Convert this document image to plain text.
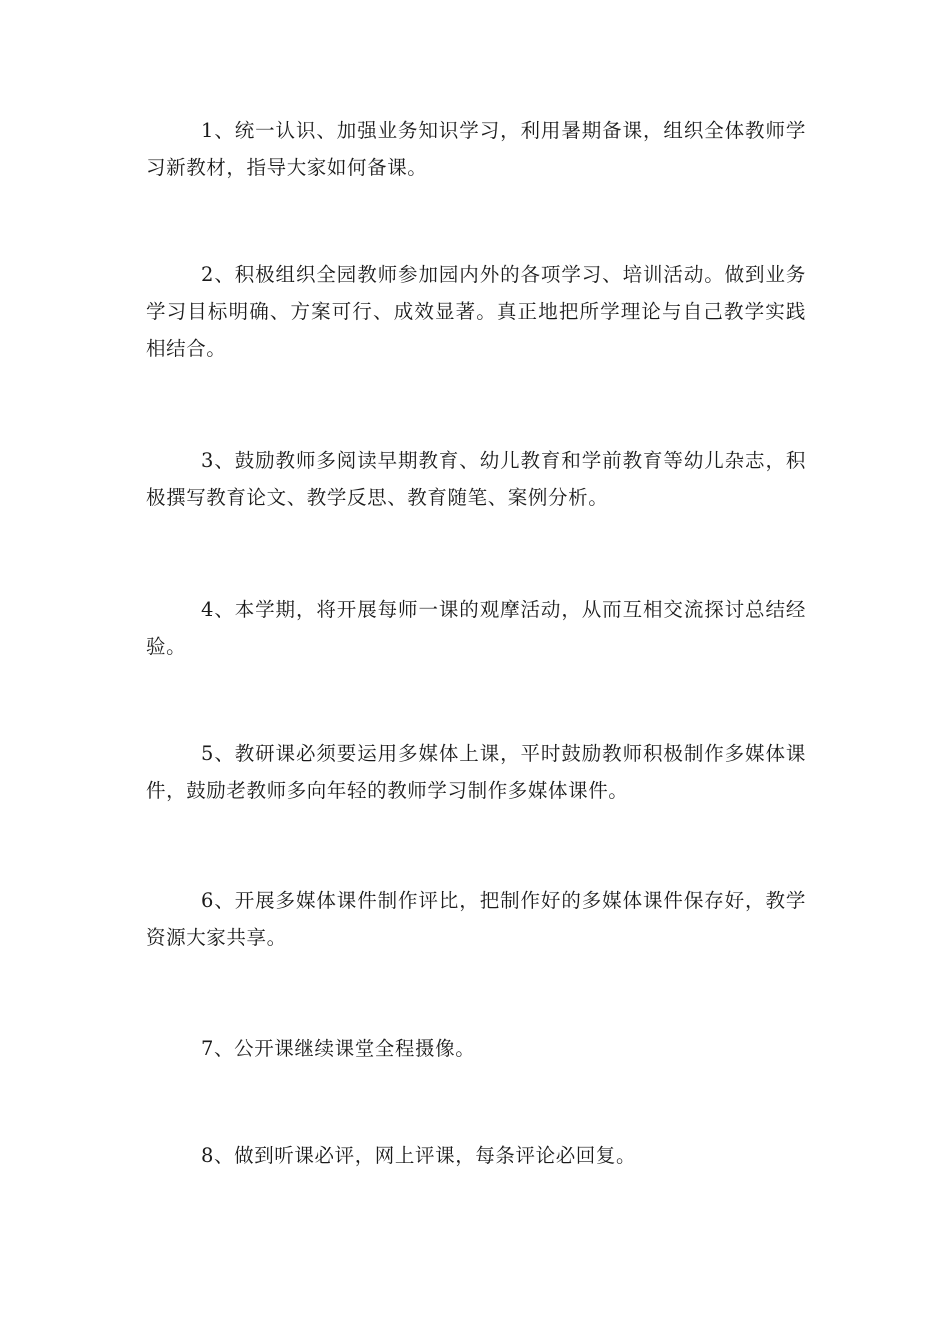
1、统一认识、加强业务知识学习，利用暑期备课，组织全体教师学习新教材，指导大家如何备课。

2、积极组织全园教师参加园内外的各项学习、培训活动。做到业务学习目标明确、方案可行、成效显著。真正地把所学理论与自己教学实践相结合。

3、鼓励教师多阅读早期教育、幼儿教育和学前教育等幼儿杂志，积极撰写教育论文、教学反思、教育随笔、案例分析。

4、本学期，将开展每师一课的观摩活动，从而互相交流探讨总结经验。

5、教研课必须要运用多媒体上课，平时鼓励教师积极制作多媒体课件，鼓励老教师多向年轻的教师学习制作多媒体课件。

6、开展多媒体课件制作评比，把制作好的多媒体课件保存好，教学资源大家共享。

7、公开课继续课堂全程摄像。

8、做到听课必评，网上评课，每条评论必回复。
